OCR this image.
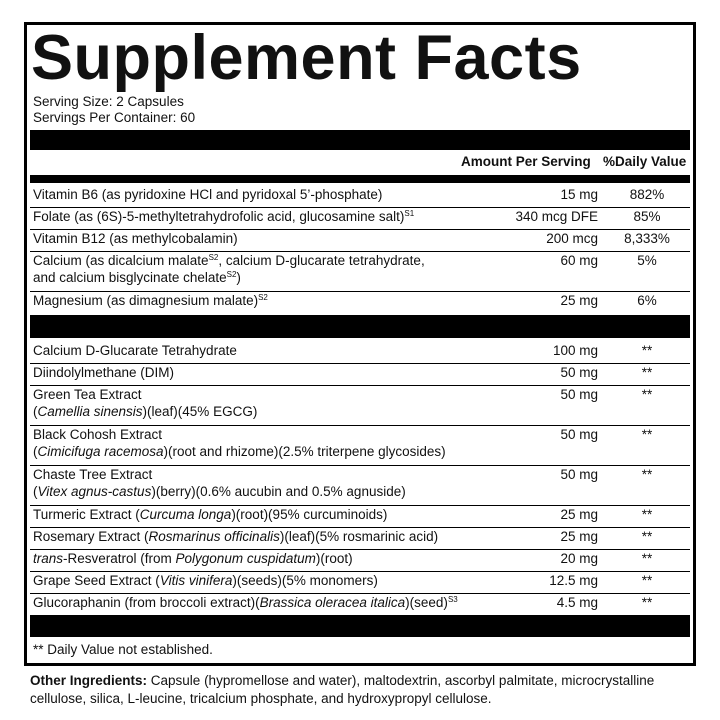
Supplement Facts
Serving Size: 2 Capsules
Servings Per Container: 60
Amount Per Serving %Daily Value
Vitamin B6 (as pyridoxine HCl and pyridoxal 5’-phosphate)	15 mg	882%
Folate (as (6S)-5-methyltetrahydrofolic acid, glucosamine salt)$^{S1}$	340 mcg DFE	85%
Vitamin B12 (as methylcobalamin)	200 mcg	8,333%
Calcium (as dicalcium malate$^{S2}$, calcium D-glucarate tetrahydrate,
and calcium bisglycinate chelate$^{S2}$)
60 mg	5%
Magnesium (as dimagnesium malate)$^{S2}$	25 mg	6%
Calcium D-Glucarate Tetrahydrate	100 mg	**
Diindolylmethane (DIM)	50 mg	**
Green Tea Extract
(Camellia sinensis)(leaf)(45% EGCG)
50 mg	**
Black Cohosh Extract
(Cimicifuga racemosa)(root and rhizome)(2.5% triterpene glycosides)
50 mg	**
Chaste Tree Extract
(Vitex agnus-castus)(berry)(0.6% aucubin and 0.5% agnuside)
50 mg	**
Turmeric Extract (Curcuma longa)(root)(95% curcuminoids)	25 mg	**
Rosemary Extract (Rosmarinus officinalis)(leaf)(5% rosmarinic acid)	25 mg	**
trans-Resveratrol (from Polygonum cuspidatum)(root)	20 mg	**
Grape Seed Extract (Vitis vinifera)(seeds)(5% monomers)	12.5 mg	**
Glucoraphanin (from broccoli extract)(Brassica oleracea italica)(seed)$^{S3}$	4.5 mg	**
** Daily Value not established.
Other Ingredients: Capsule (hypromellose and water), maltodextrin, ascorbyl palmitate, microcrystalline cellulose, silica, L-leucine, tricalcium phosphate, and hydroxypropyl cellulose.
